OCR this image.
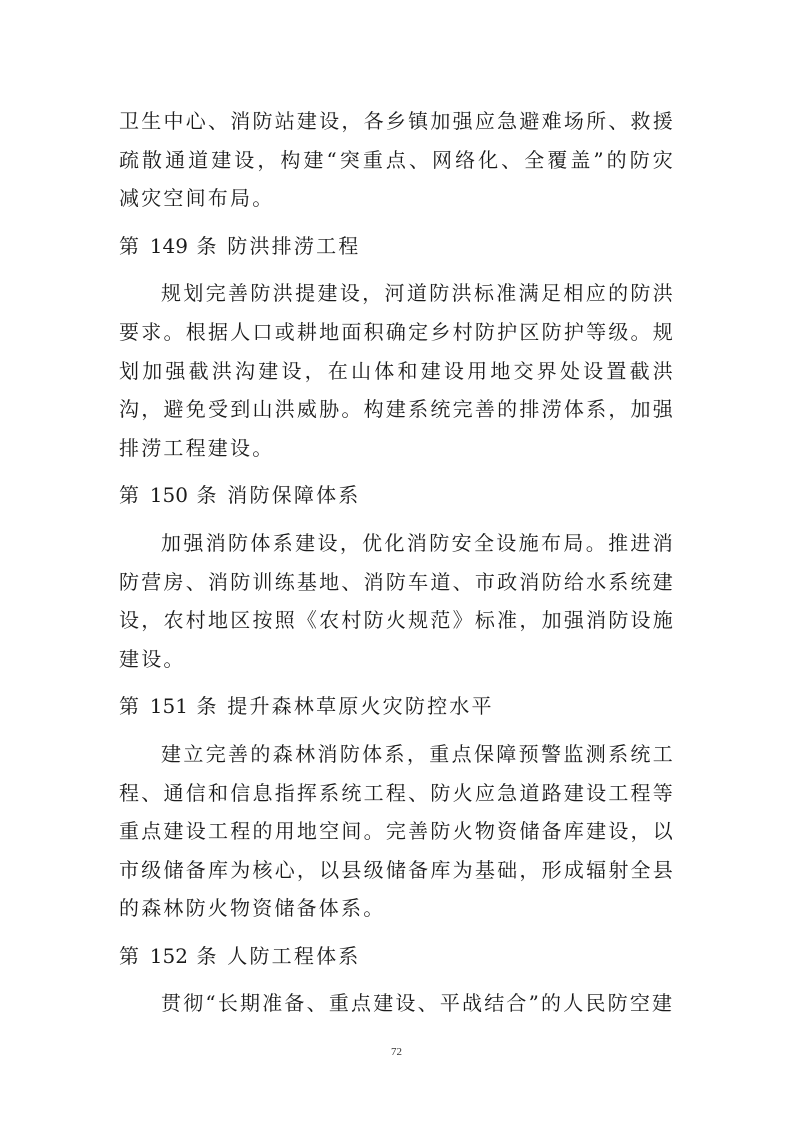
卫生中心、消防站建设，各乡镇加强应急避难场所、救援疏散通道建设，构建“突重点、网络化、全覆盖”的防灾减灾空间布局。

第 149 条 防洪排涝工程

规划完善防洪提建设，河道防洪标准满足相应的防洪要求。根据人口或耕地面积确定乡村防护区防护等级。规划加强截洪沟建设，在山体和建设用地交界处设置截洪沟，避免受到山洪威胁。构建系统完善的排涝体系，加强排涝工程建设。

第 150 条 消防保障体系

加强消防体系建设，优化消防安全设施布局。推进消防营房、消防训练基地、消防车道、市政消防给水系统建设，农村地区按照《农村防火规范》标准，加强消防设施建设。

第 151 条 提升森林草原火灾防控水平

建立完善的森林消防体系，重点保障预警监测系统工程、通信和信息指挥系统工程、防火应急道路建设工程等重点建设工程的用地空间。完善防火物资储备库建设，以市级储备库为核心，以县级储备库为基础，形成辐射全县的森林防火物资储备体系。

第 152 条 人防工程体系

贯彻“长期准备、重点建设、平战结合”的人民防空建

72
